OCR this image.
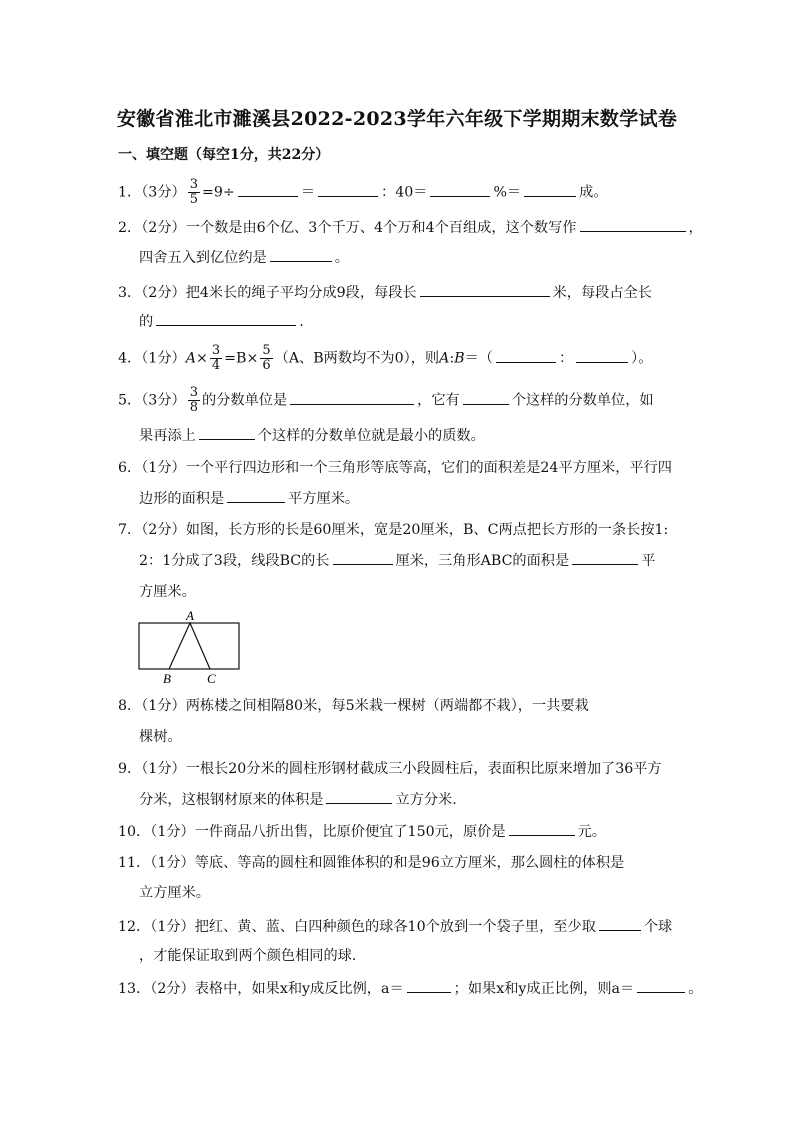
安徽省淮北市濉溪县2022-2023学年六年级下学期期末数学试卷
一、填空题（每空1分，共22分）
1．（3分） $\frac{3}{5} =9\div$	＝	：40＝	%＝	成。
2．（2分）一个数是由6个亿、3个千万、4个万和4个百组成，这个数写作	，
四舍五入到亿位约是	。
3．（2分）把4米长的绳子平均分成9段，每段长	米，每段占全长
的	.
4．（1分）$A\times \frac{3}{4} =B\times \frac{5}{6} (A$、B两数均不为0），则A:B＝（	：	）。
5．（3分） $\frac{3}{8}$ 的分数单位是	，它有	个这样的分数单位，如
果再添上	个这样的分数单位就是最小的质数。
6．（1分）一个平行四边形和一个三角形等底等高，它们的面积差是24平方厘米，平行四
边形的面积是	平方厘米。
7．（2分）如图，长方形的长是60厘米，宽是20厘米，B、C两点把长方形的一条长按1:
2：1分成了3段，线段BC的长	厘米，三角形ABC的面积是	平
方厘米。
A
B	C
8．（1分）两栋楼之间相隔80米，每5米栽一棵树（两端都不栽），一共要栽
棵树。
9．（1分）一根长20分米的圆柱形钢材截成三小段圆柱后，表面积比原来增加了36平方
分米，这根钢材原来的体积是	立方分米.
10．（1分）一件商品八折出售，比原价便宜了150元，原价是	元。
11．（1分）等底、等高的圆柱和圆锥体积的和是96立方厘米，那么圆柱的体积是
立方厘米。
12．（1分）把红、黄、蓝、白四种颜色的球各10个放到一个袋子里，至少取	个球
，才能保证取到两个颜色相同的球.
13．（2分）表格中，如果x和y成反比例，a＝	；如果x和y成正比例，则a＝	。
